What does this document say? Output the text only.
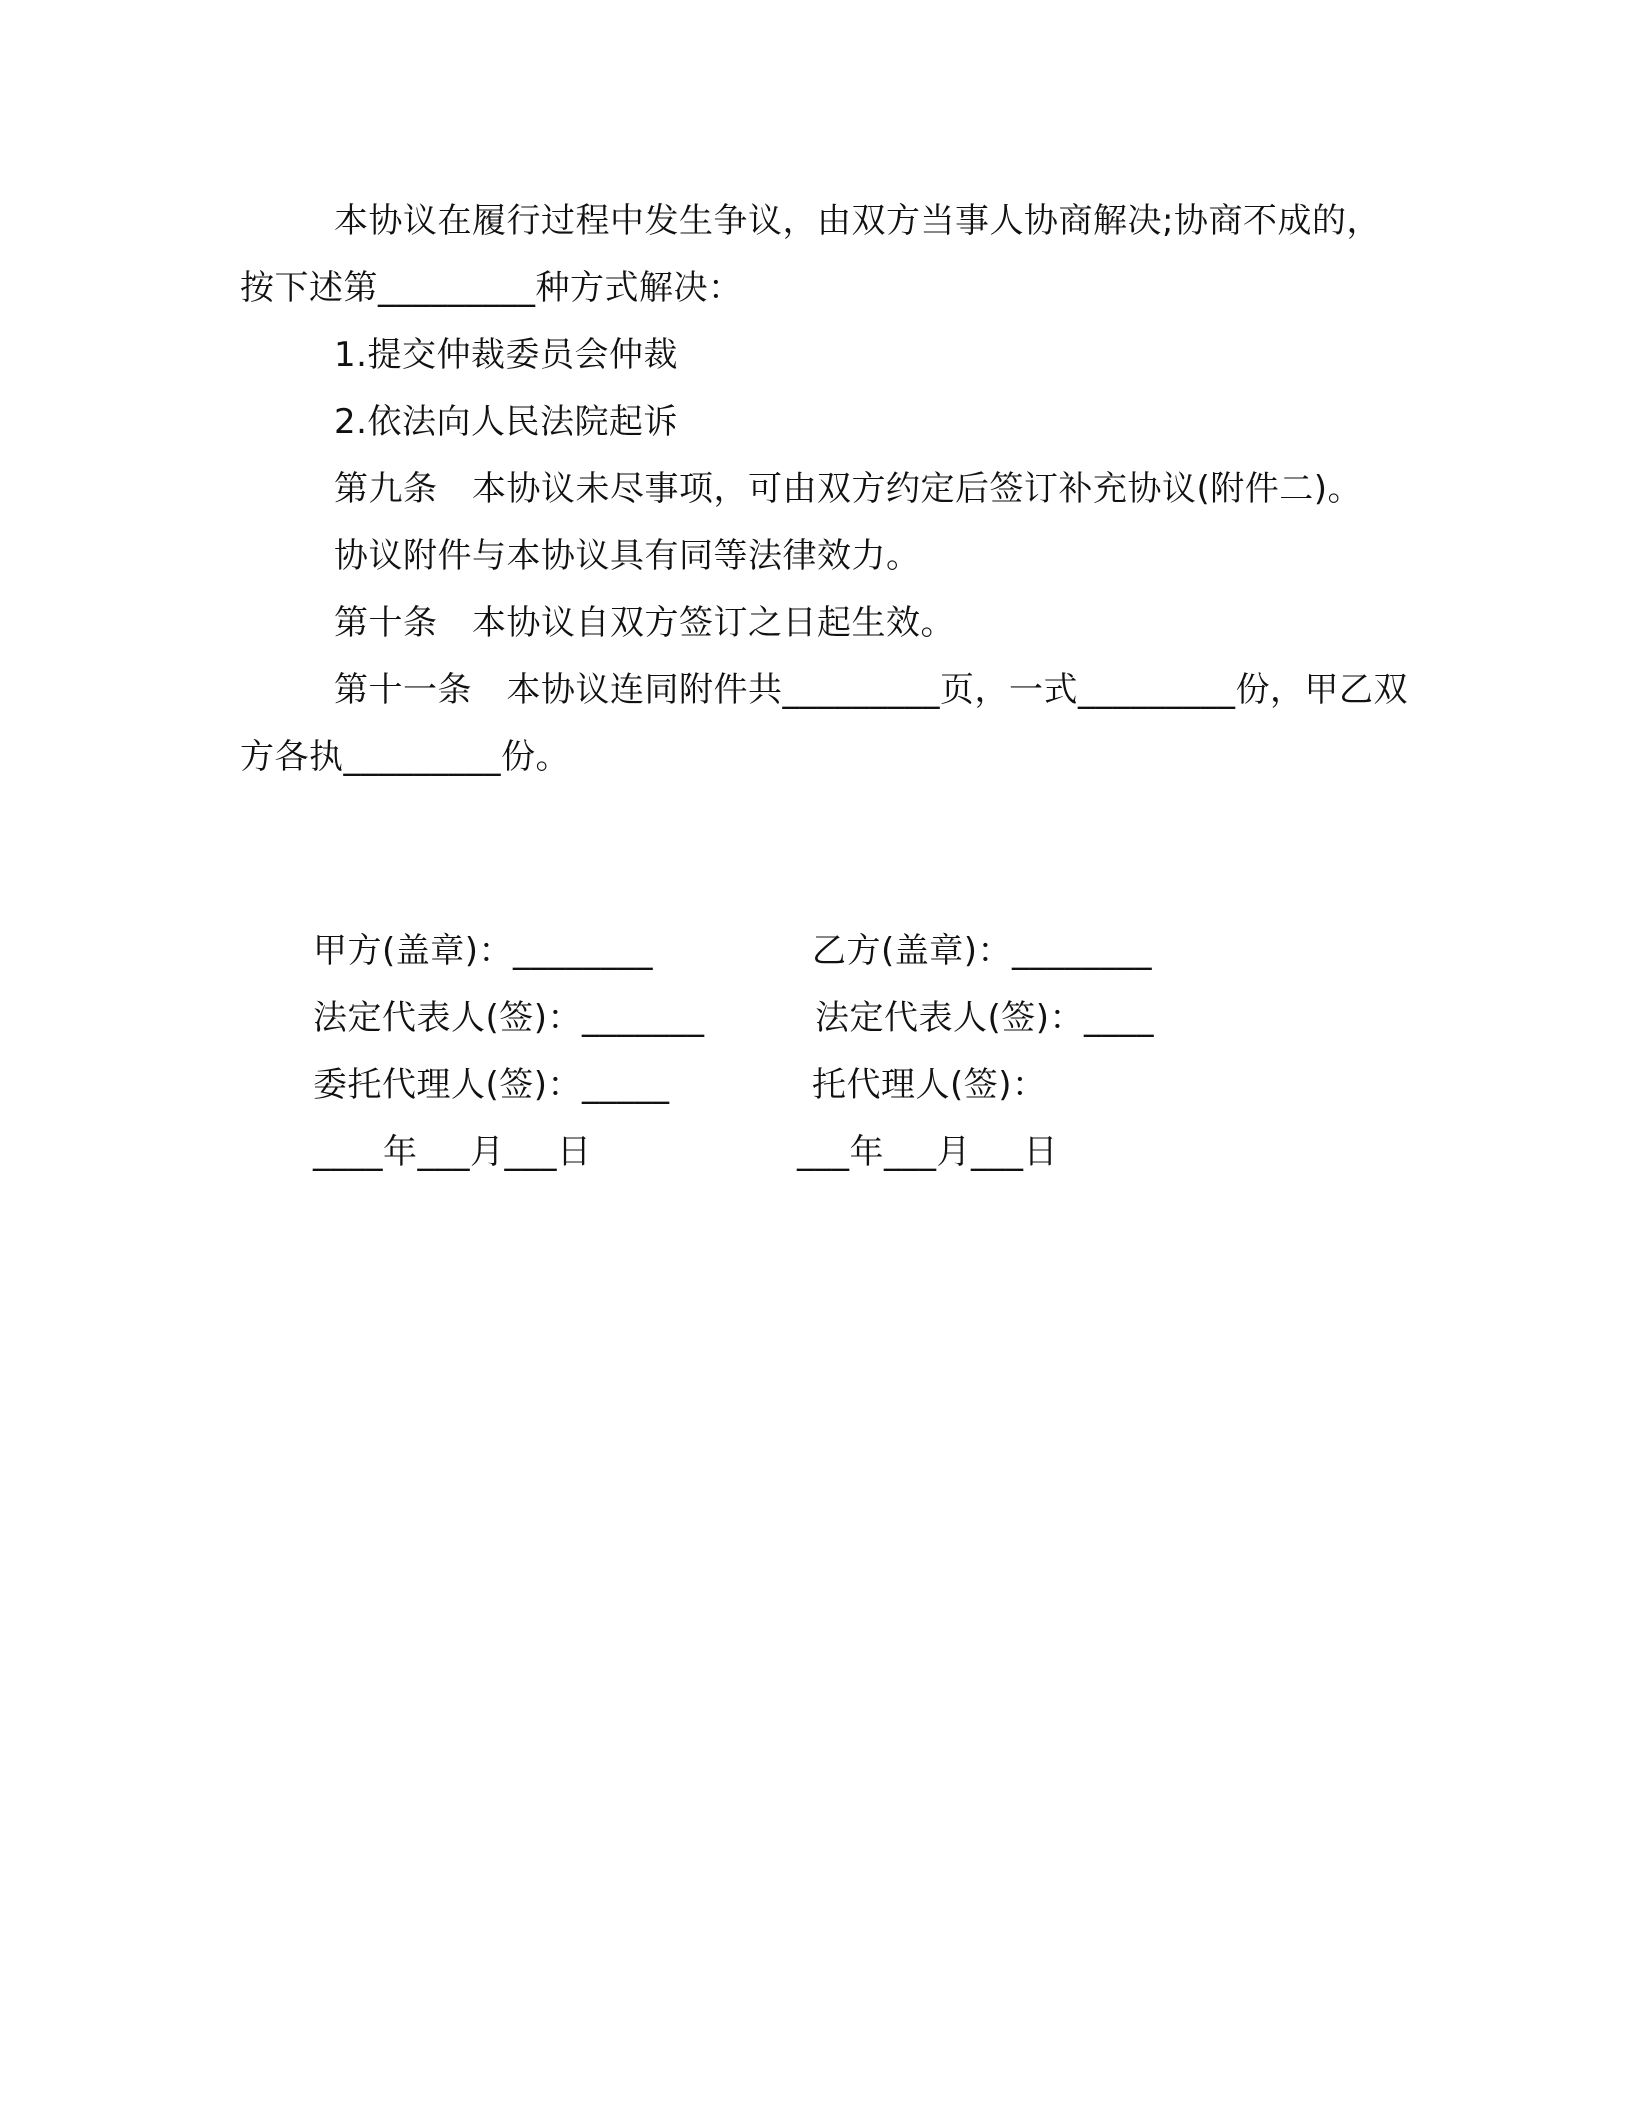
本协议在履行过程中发生争议，由双方当事人协商解决;协商不成的，按下述第_________种方式解决：

1.提交仲裁委员会仲裁

2.依法向人民法院起诉

第九条　本协议未尽事项，可由双方约定后签订补充协议(附件二)。

协议附件与本协议具有同等法律效力。

第十条　本协议自双方签订之日起生效。

第十一条　本协议连同附件共_________页，一式_________份，甲乙双方各执_________份。

甲方(盖章)：________	乙方(盖章)：________
法定代表人(签)：_______	法定代表人(签)：____
委托代理人(签)：_____	托代理人(签)：
____年___月___日	___年___月___日
